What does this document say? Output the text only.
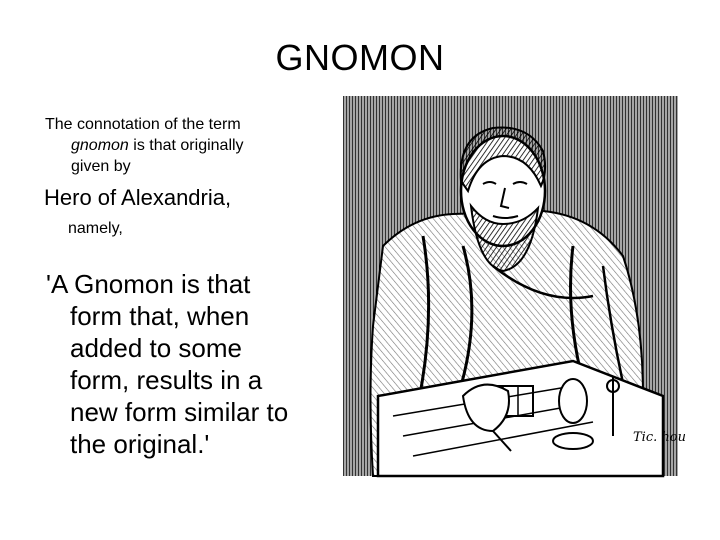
GNOMON
The connotation of the term
gnomon is that originally
given by
Hero of Alexandria,
namely,
'A Gnomon is that
form that, when
added to some
form, results in a
new form similar to
the original.'	Tic. hou
